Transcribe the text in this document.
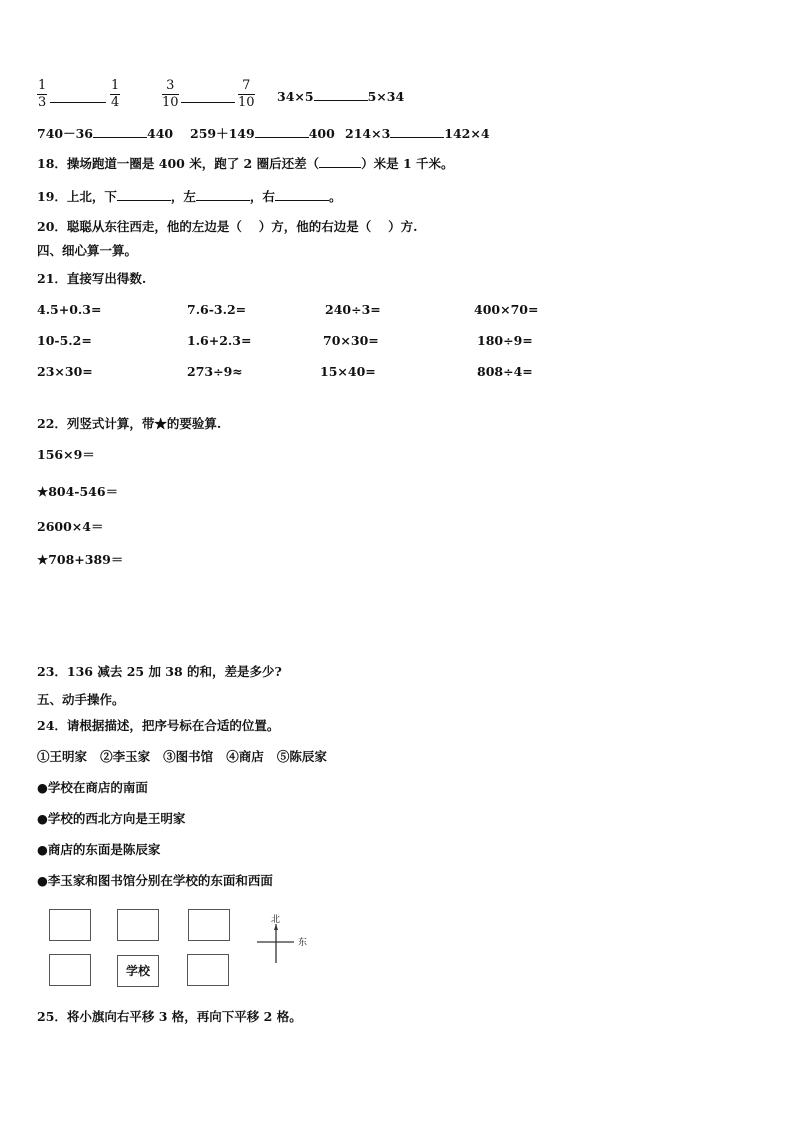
$\frac{1}{3}$	$\frac{1}{4}$	$\frac{3}{10}$	$\frac{7}{10} 34\times 5$	5×34
740－36	440 259＋149	400 214×3	142×4
18．操场跑道一圈是 400 米，跑了 2 圈后还差（	）米是 1 千米。
19．上北，下	，左	，右	。
20．聪聪从东往西走，他的左边是（　 ）方，他的右边是（　 ）方.
四、细心算一算。
21．直接写出得数.
4.5+0.3=	7.6-3.2=	240÷3=	400×70=
10-5.2=	1.6+2.3=	70×30=	180÷9=
23×30=	273÷9≈	15×40=	808÷4=
22．列竖式计算，带★的要验算.
156×9＝
★804-546＝
2600×4＝
★708+389＝
23．136 减去 25 加 38 的和，差是多少?
五、动手操作。
24．请根据描述，把序号标在合适的位置。
①王明家 ②李玉家 ③图书馆 ④商店 ⑤陈辰家
●学校在商店的南面
●学校的西北方向是王明家
●商店的东面是陈辰家
●李玉家和图书馆分别在学校的东面和西面
学校
北
东
25．将小旗向右平移 3 格，再向下平移 2 格。
